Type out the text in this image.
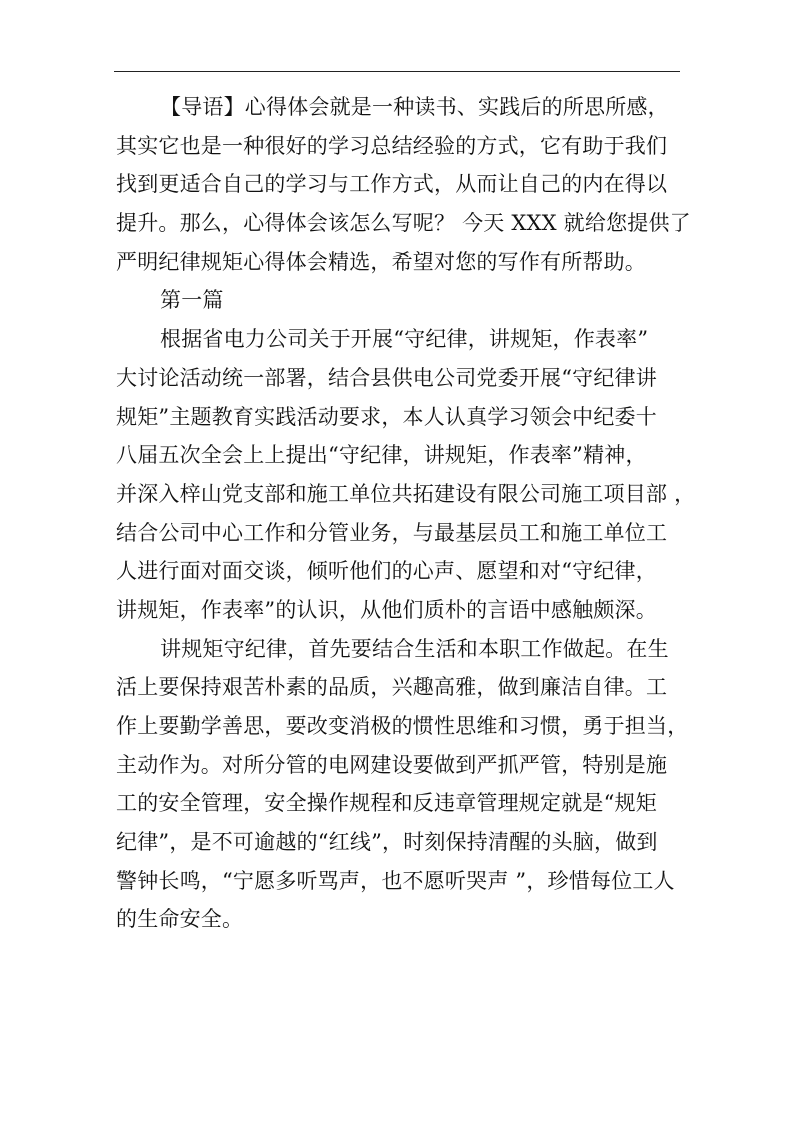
【导语】心得体会就是一种读书、实践后的所思所感，
其实它也是一种很好的学习总结经验的方式，它有助于我们
找到更适合自己的学习与工作方式，从而让自己的内在得以
提升。那么，心得体会该怎么写呢？ 今天 XXX 就给您提供了
严明纪律规矩心得体会精选，希望对您的写作有所帮助。
第一篇
根据省电力公司关于开展“守纪律，讲规矩，作表率”
大讨论活动统一部署，结合县供电公司党委开展“守纪律讲
规矩”主题教育实践活动要求，本人认真学习领会中纪委十
八届五次全会上上提出“守纪律，讲规矩，作表率”精神，
并深入梓山党支部和施工单位共拓建设有限公司施工项目部 ，
结合公司中心工作和分管业务，与最基层员工和施工单位工
人进行面对面交谈，倾听他们的心声、愿望和对“守纪律，
讲规矩，作表率”的认识，从他们质朴的言语中感触颇深。
讲规矩守纪律，首先要结合生活和本职工作做起。在生
活上要保持艰苦朴素的品质，兴趣高雅，做到廉洁自律。工
作上要勤学善思，要改变消极的惯性思维和习惯，勇于担当，
主动作为。对所分管的电网建设要做到严抓严管，特别是施
工的安全管理，安全操作规程和反违章管理规定就是“规矩
纪律”，是不可逾越的“红线”，时刻保持清醒的头脑，做到
警钟长鸣，“宁愿多听骂声，也不愿听哭声 ”，珍惜每位工人
的生命安全。
